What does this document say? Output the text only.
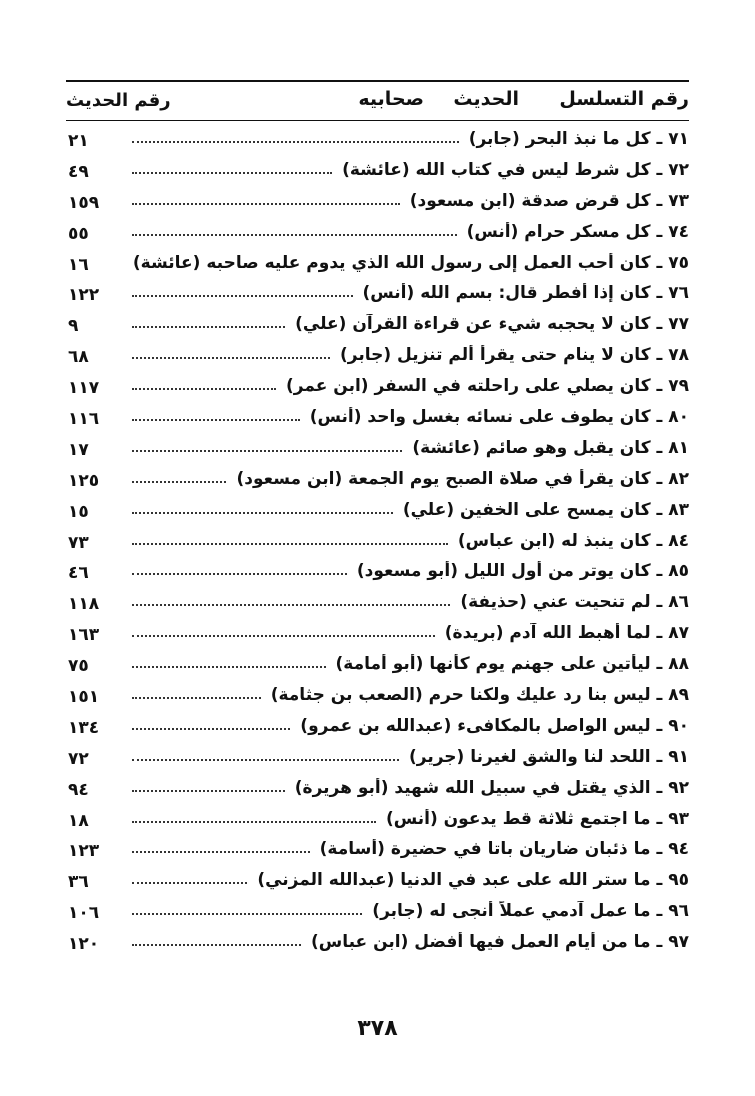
رقم التسلسل
الحديث
صحابيه
رقم الحديث
٧١ ـ كل ما نبذ البحر (جابر)
٢١
٧٢ ـ كل شرط ليس في كتاب الله (عائشة)
٤٩
٧٣ ـ كل قرض صدقة (ابن مسعود)
١٥٩
٧٤ ـ كل مسكر حرام (أنس)
٥٥
٧٥ ـ كان أحب العمل إلى رسول الله الذي يدوم عليه صاحبه (عائشة)
١٦
٧٦ ـ كان إذا أفطر قال: بسم الله (أنس)
١٢٢
٧٧ ـ كان لا يحجبه شيء عن قراءة القرآن (علي)
٩
٧٨ ـ كان لا ينام حتى يقرأ ألم تنزيل (جابر)
٦٨
٧٩ ـ كان يصلي على راحلته في السفر (ابن عمر)
١١٧
٨٠ ـ كان يطوف على نسائه بغسل واحد (أنس)
١١٦
٨١ ـ كان يقبل وهو صائم (عائشة)
١٧
٨٢ ـ كان يقرأ في صلاة الصبح يوم الجمعة (ابن مسعود)
١٢٥
٨٣ ـ كان يمسح على الخفين (علي)
١٥
٨٤ ـ كان ينبذ له (ابن عباس)
٧٣
٨٥ ـ كان يوتر من أول الليل (أبو مسعود)
٤٦
٨٦ ـ لم تنحيت عني (حذيفة)
١١٨
٨٧ ـ لما أهبط الله آدم (بريدة)
١٦٣
٨٨ ـ ليأتين على جهنم يوم كأنها (أبو أمامة)
٧٥
٨٩ ـ ليس بنا رد عليك ولكنا حرم (الصعب بن جثامة)
١٥١
٩٠ ـ ليس الواصل بالمكافىء (عبدالله بن عمرو)
١٣٤
٩١ ـ اللحد لنا والشق لغيرنا (جرير)
٧٢
٩٢ ـ الذي يقتل في سبيل الله شهيد (أبو هريرة)
٩٤
٩٣ ـ ما اجتمع ثلاثة قط يدعون (أنس)
١٨
٩٤ ـ ما ذئبان ضاريان باتا في حضيرة (أسامة)
١٢٣
٩٥ ـ ما ستر الله على عبد في الدنيا (عبدالله المزني)
٣٦
٩٦ ـ ما عمل آدمي عملاً أنجى له (جابر)
١٠٦
٩٧ ـ ما من أيام العمل فيها أفضل (ابن عباس)
١٢٠
٣٧٨
